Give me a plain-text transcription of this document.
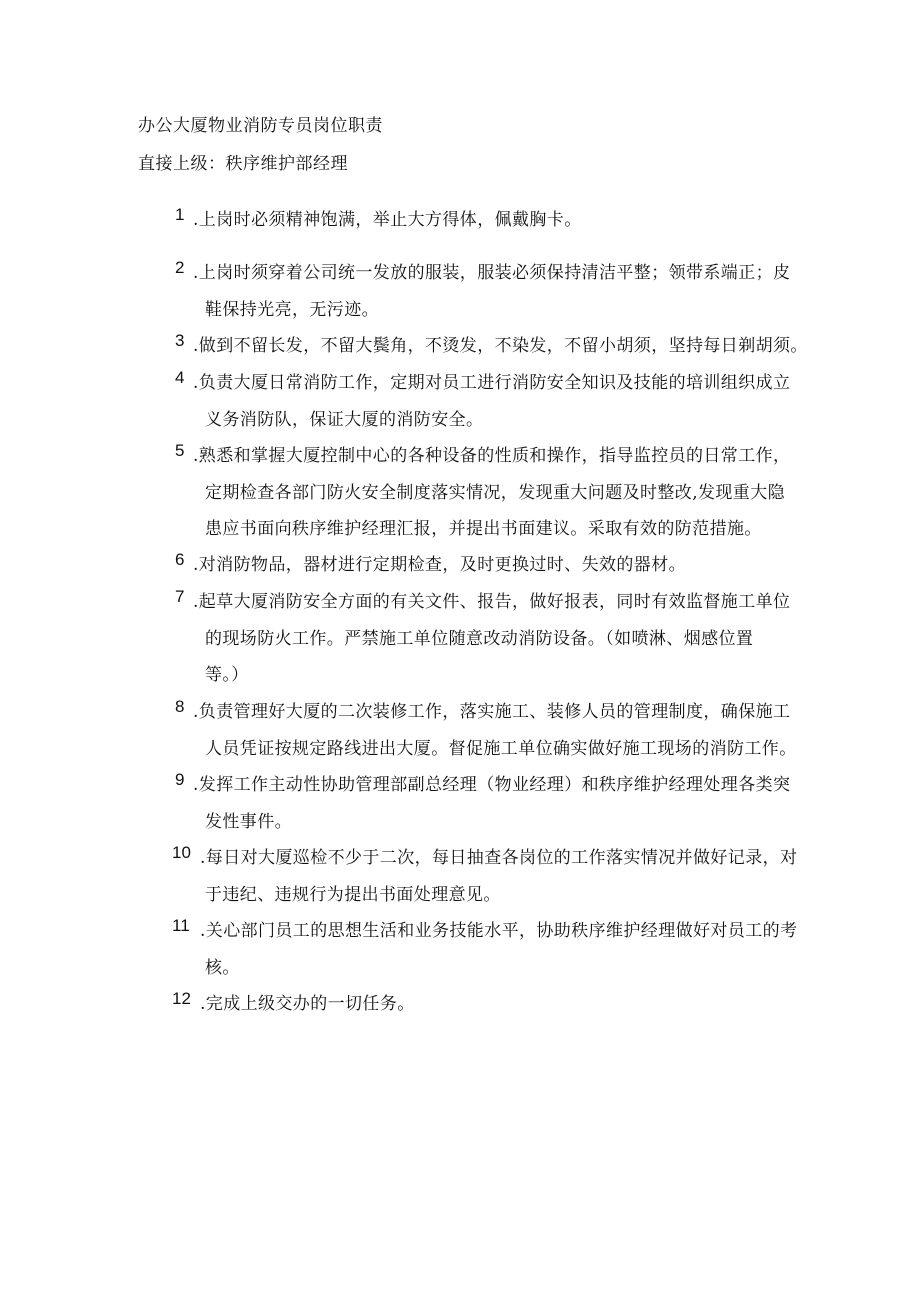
办公大厦物业消防专员岗位职责
直接上级：秩序维护部经理
1 .上岗时必须精神饱满，举止大方得体，佩戴胸卡。
2 .上岗时须穿着公司统一发放的服装，服装必须保持清洁平整；领带系端正；皮
鞋保持光亮，无污迹。
3 .做到不留长发，不留大鬓角，不烫发，不染发，不留小胡须，坚持每日剃胡须。
4 .负责大厦日常消防工作，定期对员工进行消防安全知识及技能的培训组织成立
义务消防队，保证大厦的消防安全。
5 .熟悉和掌握大厦控制中心的各种设备的性质和操作，指导监控员的日常工作，
定期检查各部门防火安全制度落实情况，发现重大问题及时整改,发现重大隐
患应书面向秩序维护经理汇报，并提出书面建议。采取有效的防范措施。
6 .对消防物品，器材进行定期检查，及时更换过时、失效的器材。
7 .起草大厦消防安全方面的有关文件、报告，做好报表，同时有效监督施工单位
的现场防火工作。严禁施工单位随意改动消防设备。（如喷淋、烟感位置
等。）
8 .负责管理好大厦的二次装修工作，落实施工、装修人员的管理制度，确保施工
人员凭证按规定路线进出大厦。督促施工单位确实做好施工现场的消防工作。
9 .发挥工作主动性协助管理部副总经理（物业经理）和秩序维护经理处理各类突
发性事件。
10 .每日对大厦巡检不少于二次，每日抽查各岗位的工作落实情况并做好记录，对
于违纪、违规行为提出书面处理意见。
11 .关心部门员工的思想生活和业务技能水平，协助秩序维护经理做好对员工的考
核。
12 .完成上级交办的一切任务。
